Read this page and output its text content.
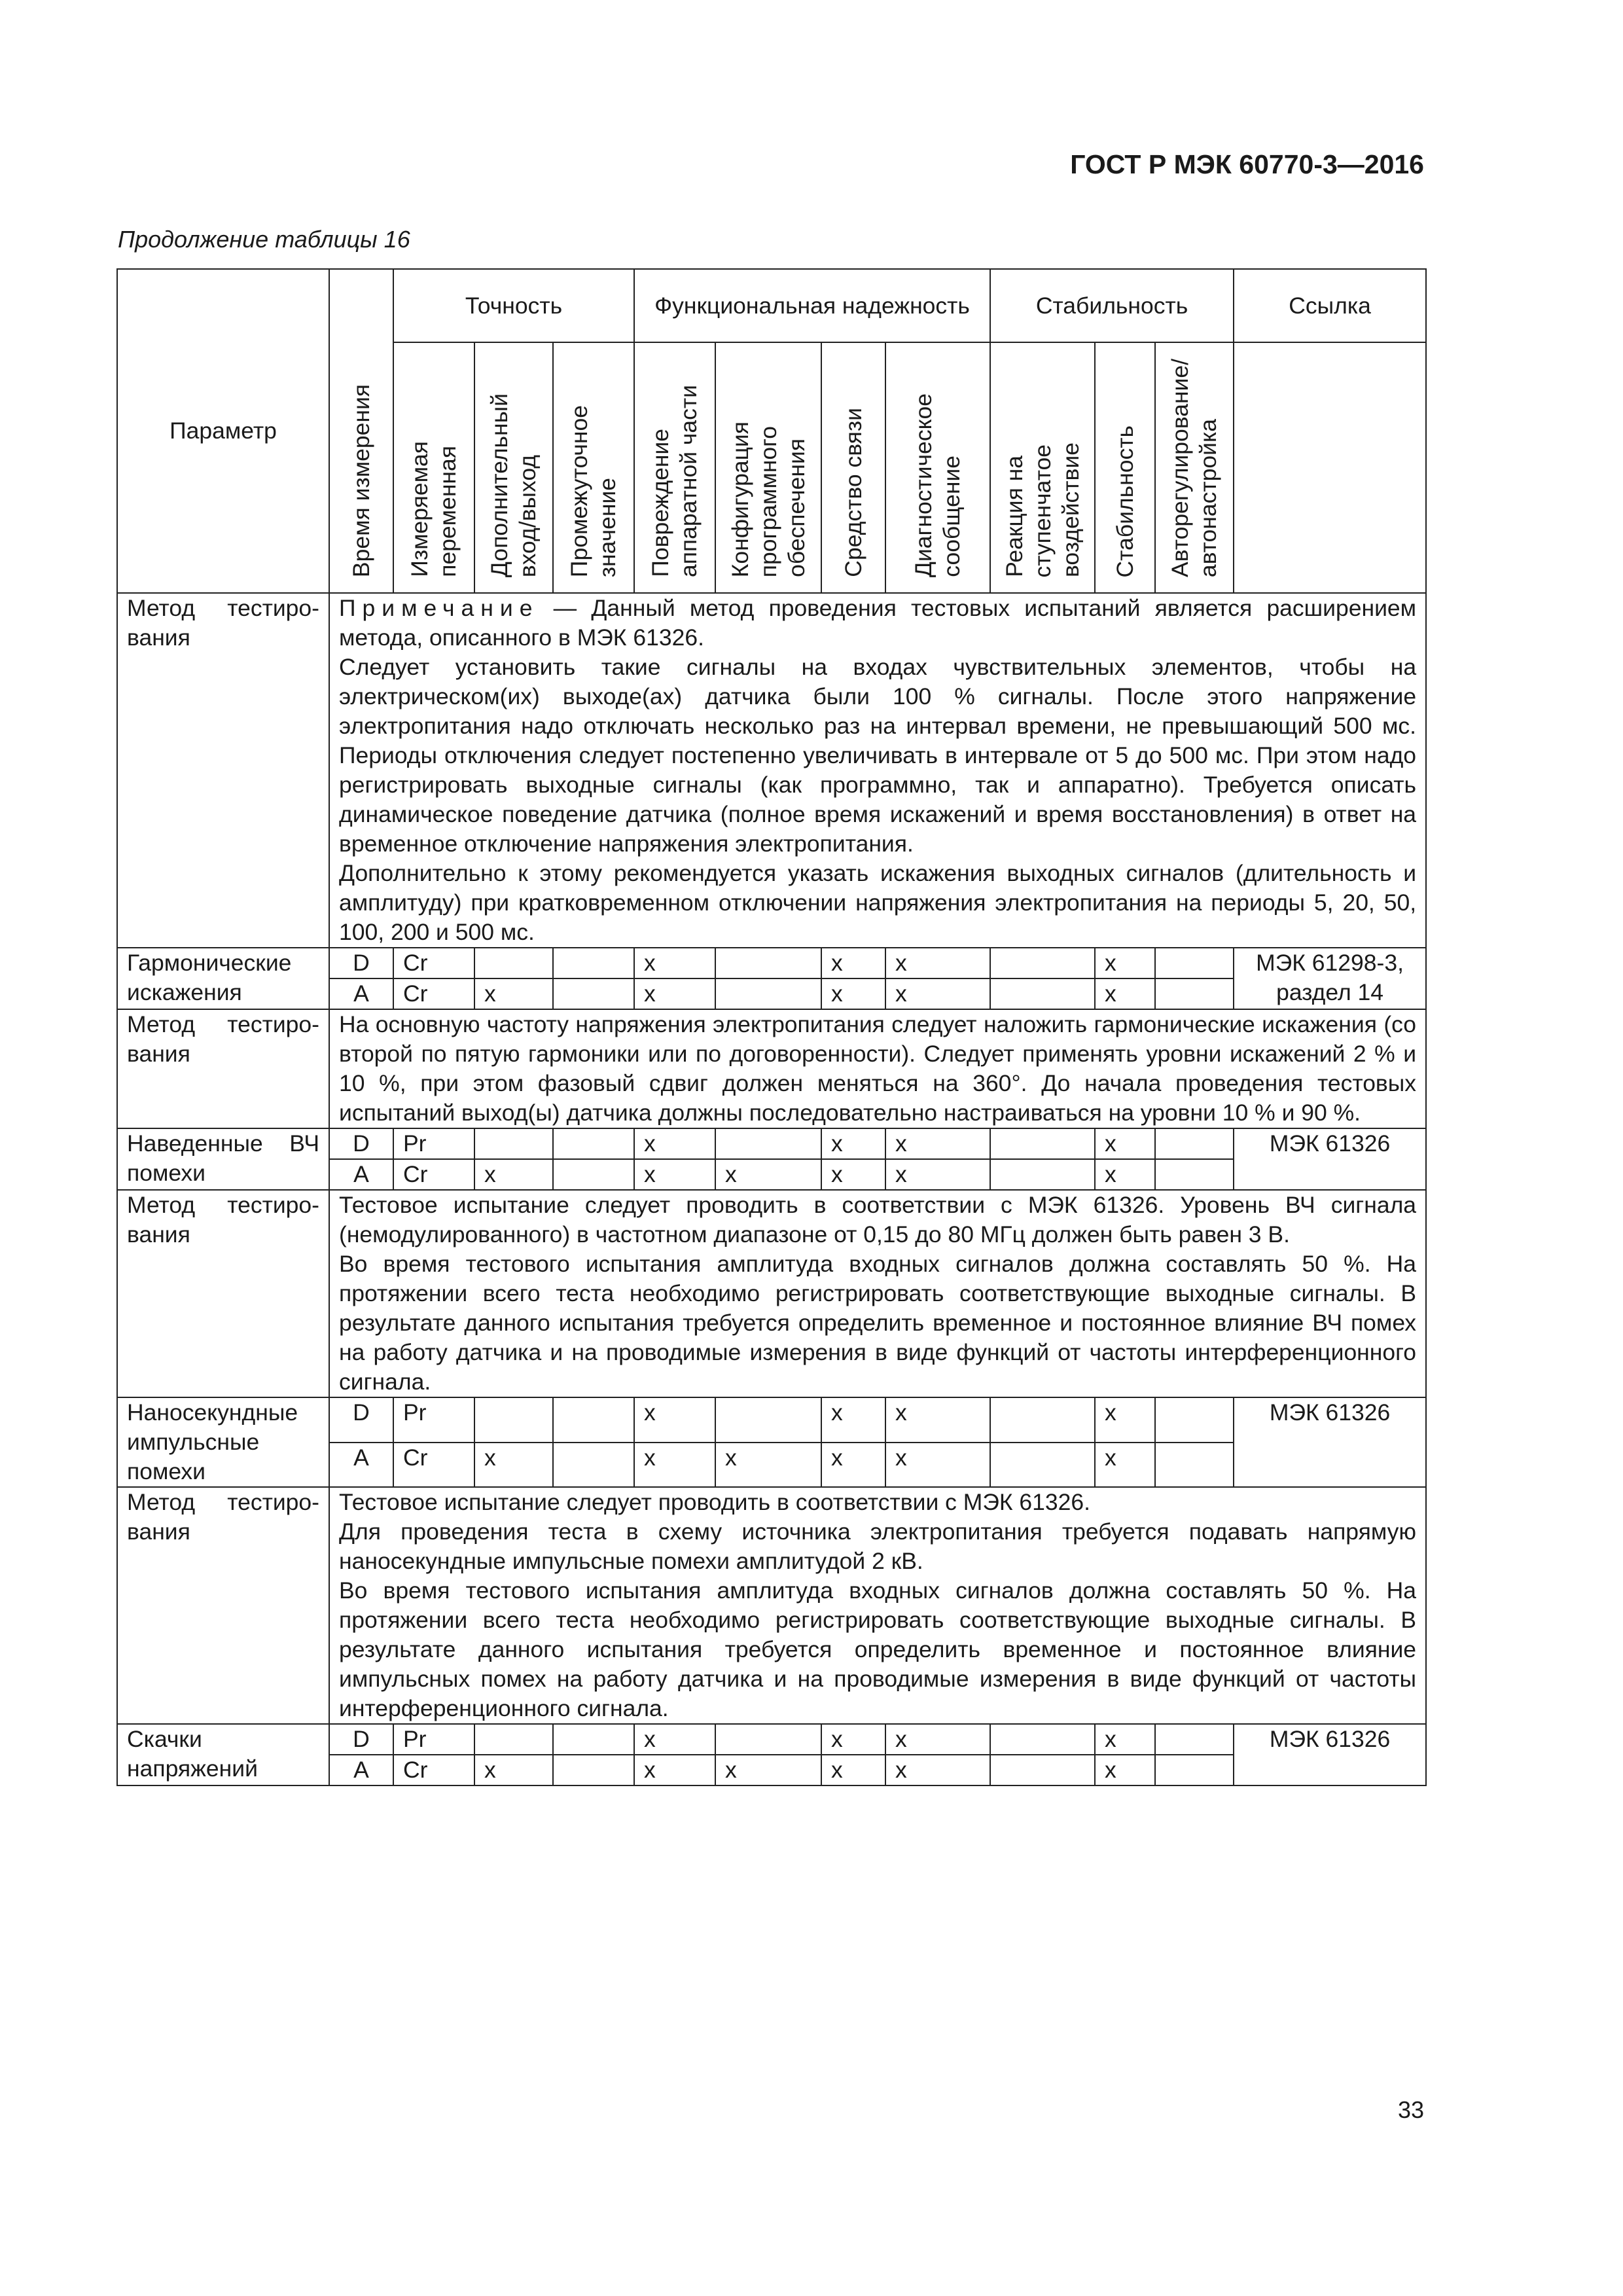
ГОСТ Р МЭК 60770-3—2016
Продолжение таблицы 16
Параметр	Время измерения	Точность			Функциональная надежность				Стабильность			Ссылка
		Измеряемаяпеременная	Дополнительныйвход/выход	Промежуточноезначение	Повреждениеаппаратной части	Конфигурацияпрограммногообеспечения	Средство связи	Диагностическоесообщение	Реакция наступенчатоевоздействие	Стабильность	Авторегулирование/автонастройка	
Метод тестиро-вания	Примечание — Данный метод проведения тестовых испытаний является расширением метода, описанного в МЭК 61326.
Следует установить такие сигналы на входах чувствительных элементов, чтобы на электрическом(их) выходе(ах) датчика были 100 % сигналы. После этого напряжение электропитания надо отключать несколько раз на интервал времени, не превышающий 500 мс. Периоды отключения следует постепенно увеличивать в интервале от 5 до 500 мс. При этом надо регистрировать выходные сигналы (как программно, так и аппаратно). Требуется описать динамическое поведение датчика (полное время искажений и время восстановления) в ответ на временное отключение напряжения электропитания.
Дополнительно к этому рекомендуется указать искажения выходных сигналов (длительность и амплитуду) при кратковременном отключении напряжения электропитания на периоды 5, 20, 50, 100, 200 и 500 мс.											

Гармонические искажения	D	Cr			x		x	x		x		МЭК 61298-3, раздел 14
	A	Cr	x		x		x	x		x		
Метод тестиро-вания	На основную частоту напряжения электропитания следует наложить гармонические искажения (со второй по пятую гармоники или по договоренности). Следует применять уровни искажений 2 % и 10 %, при этом фазовый сдвиг должен меняться на 360°. До начала проведения тестовых испытаний выход(ы) датчика должны последовательно настраиваться на уровни 10 % и 90 %.											
Наведенные ВЧ помехи	D	Pr			x		x	x		x		МЭК 61326
	A	Cr	x		x	x	x	x		x		
Метод тестиро-вания	Тестовое испытание следует проводить в соответствии с МЭК 61326. Уровень ВЧ сигнала (немодулированного) в частотном диапазоне от 0,15 до 80 МГц должен быть равен 3 В.
Во время тестового испытания амплитуда входных сигналов должна составлять 50 %. На протяжении всего теста необходимо регистрировать соответствующие выходные сигналы. В результате данного испытания требуется определить временное и постоянное влияние ВЧ помех на работу датчика и на проводимые измерения в виде функций от частоты интерференционного сигнала.											

Наносекундные импульсные помехи	D	Pr			x		x	x		x		МЭК 61326
	A	Cr	x		x	x	x	x		x		
Метод тестиро-вания	Тестовое испытание следует проводить в соответствии с МЭК 61326.
Для проведения теста в схему источника электропитания требуется подавать напрямую наносекундные импульсные помехи амплитудой 2 кВ.
Во время тестового испытания амплитуда входных сигналов должна составлять 50 %. На протяжении всего теста необходимо регистрировать соответствующие выходные сигналы. В результате данного испытания требуется определить временное и постоянное влияние импульсных помех на работу датчика и на проводимые измерения в виде функций от частоты интерференционного сигнала.											

Скачки напряжений	D	Pr			x		x	x		x		МЭК 61326
	A	Cr	x		x	x	x	x		x		
33
